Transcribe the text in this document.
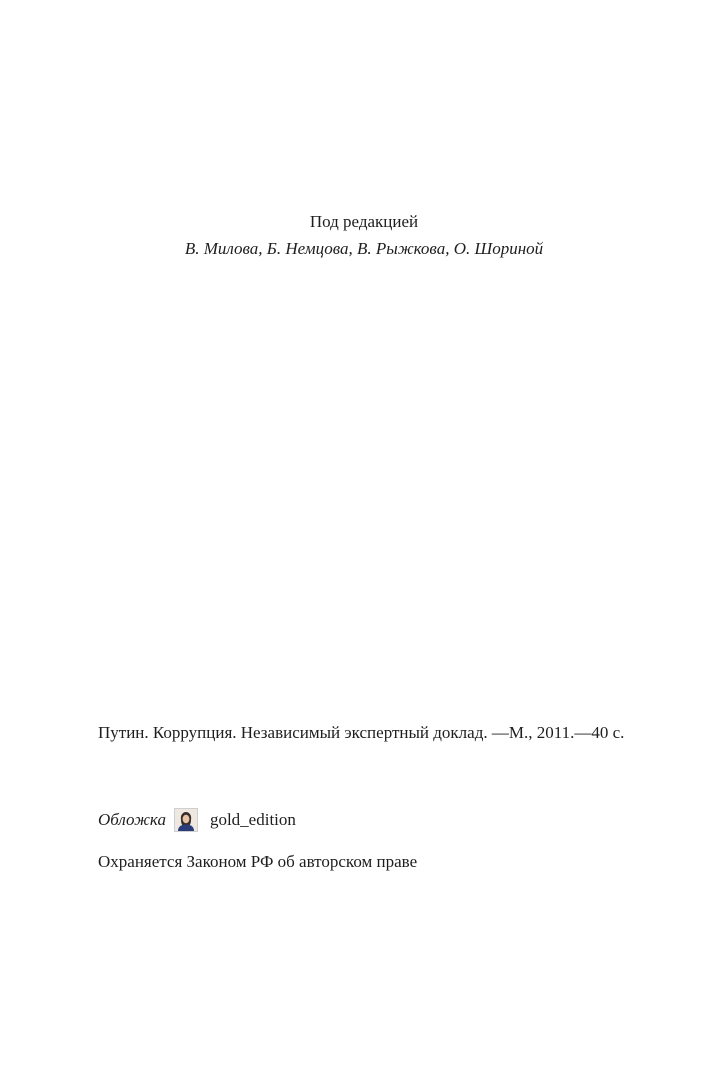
Под редакцией
В. Милова, Б. Немцова, В. Рыжкова, О. Шориной
Путин. Коррупция. Независимый экспертный доклад. —М., 2011.—40 с.
Обложка	gold_edition
Охраняется Законом РФ об авторском праве
